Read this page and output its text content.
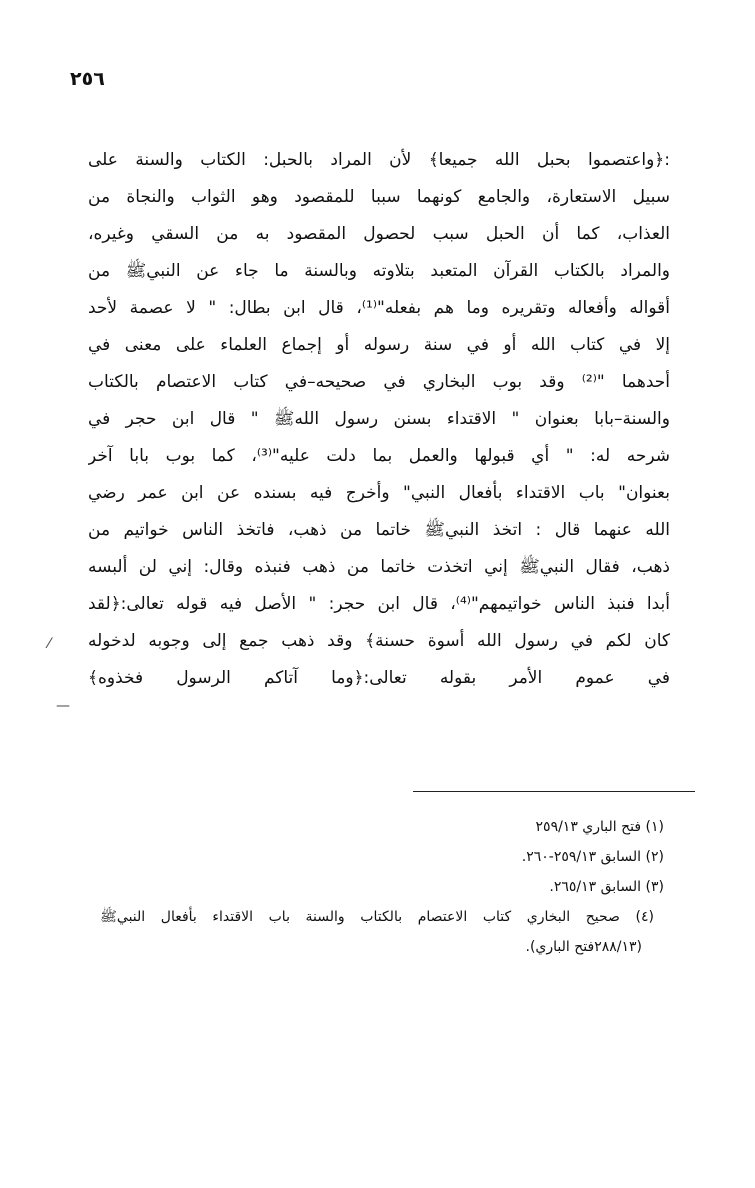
٢٥٦
:﴿واعتصموا بحبل الله جميعا﴾ لأن المراد بالحبل: الكتاب والسنة على
سبيل الاستعارة، والجامع كونهما سببا للمقصود وهو الثواب والنجاة من
العذاب، كما أن الحبل سبب لحصول المقصود به من السقي وغيره،
والمراد بالكتاب القرآن المتعبد بتلاوته وبالسنة ما جاء عن النبيﷺ من
أقواله وأفعاله وتقريره وما هم بفعله"⁽¹⁾، قال ابن بطال: " لا عصمة لأحد
إلا في كتاب الله أو في سنة رسوله أو إجماع العلماء على معنى في
أحدهما "⁽²⁾ وقد بوب البخاري في صحيحه–في كتاب الاعتصام بالكتاب
والسنة–بابا بعنوان " الاقتداء بسنن رسول اللهﷺ " قال ابن حجر في
شرحه له: " أي قبولها والعمل بما دلت عليه"⁽³⁾، كما بوب بابا آخر
بعنوان" باب الاقتداء بأفعال النبي" وأخرج فيه بسنده عن ابن عمر رضي
الله عنهما قال : اتخذ النبيﷺ خاتما من ذهب، فاتخذ الناس خواتيم من
ذهب، فقال النبيﷺ إني اتخذت خاتما من ذهب فنبذه وقال: إني لن ألبسه
أبدا فنبذ الناس خواتيمهم"⁽⁴⁾، قال ابن حجر: " الأصل فيه قوله تعالى:﴿لقد
كان لكم في رسول الله أسوة حسنة﴾ وقد ذهب جمع إلى وجوبه لدخوله
في عموم الأمر بقوله تعالى:﴿وما آتاكم الرسول فخذوه﴾
(١) فتح الباري ٢٥٩/١٣
(٢) السابق ٢٥٩/١٣-٢٦٠.
(٣) السابق ٢٦٥/١٣.
(٤) صحيح البخاري كتاب الاعتصام بالكتاب والسنة باب الاقتداء بأفعال النبيﷺ
(٢٨٨/١٣فتح الباري).
⁄
—
